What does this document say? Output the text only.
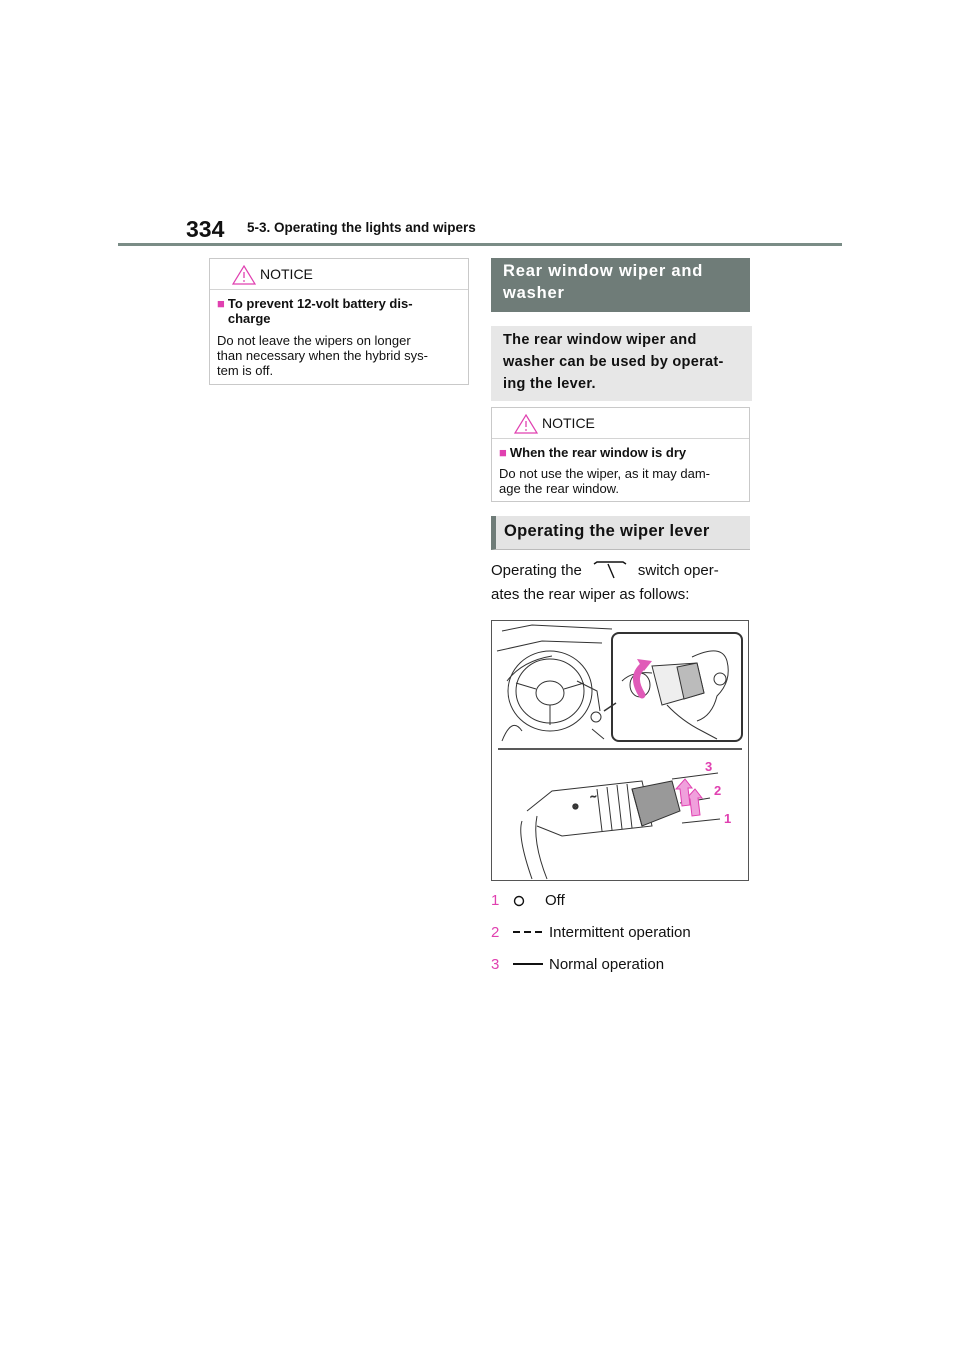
334 5-3. Operating the lights and wipers
NOTICE
■ To prevent 12-volt battery dis-
charge
Do not leave the wipers on longer
than necessary when the hybrid sys-
tem is off.
Rear window wiper and
washer
The rear window wiper and
washer can be used by operat-
ing the lever.
NOTICE
■ When the rear window is dry
Do not use the wiper, as it may dam-
age the rear window.
Operating the wiper lever
Operating the	switch oper-
ates the rear wiper as follows:
⊗
~
3
2
1
1	Off
2	Intermittent operation
3	Normal operation
